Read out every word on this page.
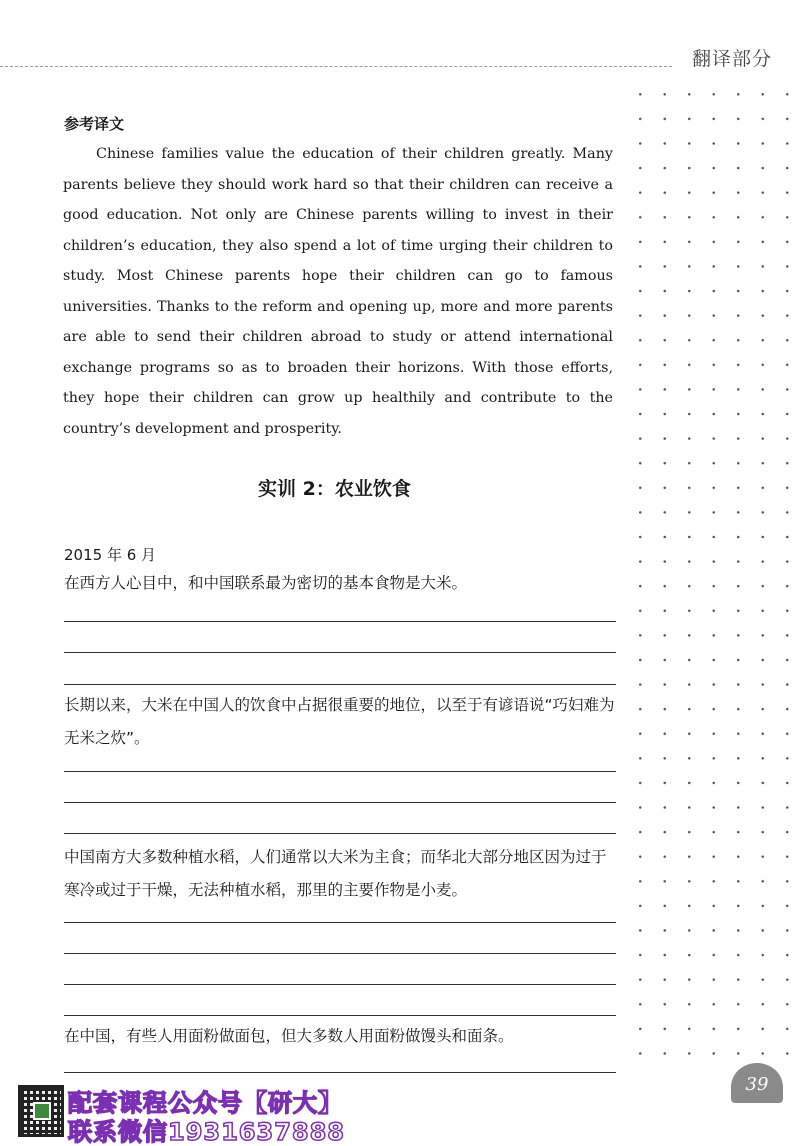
翻译部分
参考译文

Chinese families value the education of their children greatly. Many parents believe they should work hard so that their children can receive a good education. Not only are Chinese parents willing to invest in their children’s education, they also spend a lot of time urging their children to study. Most Chinese parents hope their children can go to famous universities. Thanks to the reform and opening up, more and more parents are able to send their children abroad to study or attend international exchange programs so as to broaden their horizons. With those efforts, they hope their children can grow up healthily and contribute to the country’s development and prosperity.

实训 2：农业饮食
2015 年 6 月
在西方人心目中，和中国联系最为密切的基本食物是大米。
长期以来，大米在中国人的饮食中占据很重要的地位，以至于有谚语说“巧妇难为无米之炊”。
中国南方大多数种植水稻，人们通常以大米为主食；而华北大部分地区因为过于寒冷或过于干燥，无法种植水稻，那里的主要作物是小麦。
在中国，有些人用面粉做面包，但大多数人用面粉做馒头和面条。
39
配套课程公众号【研大】
联系微信1931637888
